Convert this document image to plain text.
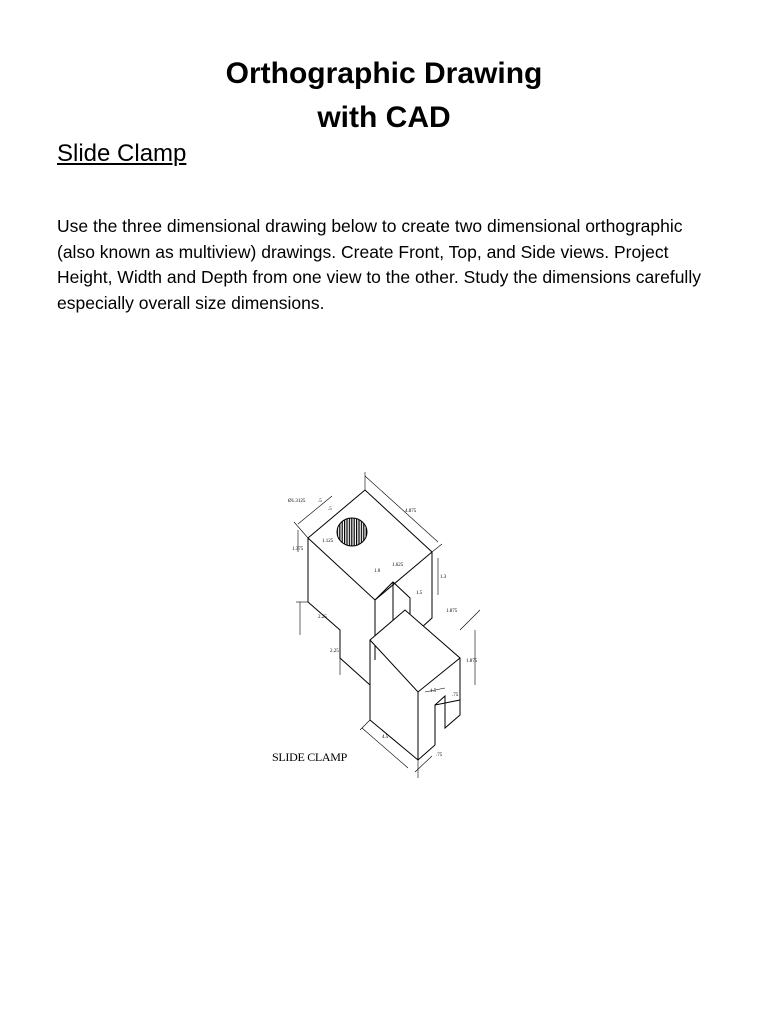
Orthographic Drawing
with CAD
Slide Clamp
Use the three dimensional drawing below to create two dimensional orthographic (also known as multiview) drawings. Create Front, Top, and Side views. Project Height, Width and Depth from one view to the other. Study the dimensions carefully especially overall size dimensions.
Ø1.3125	.5
.5	4.875
1.125
1.375
1.0
1.625
1.5
1.3
2.25
2.25
1.875
1.875
1.5
.75
4.5
.75
SLIDE CLAMP
